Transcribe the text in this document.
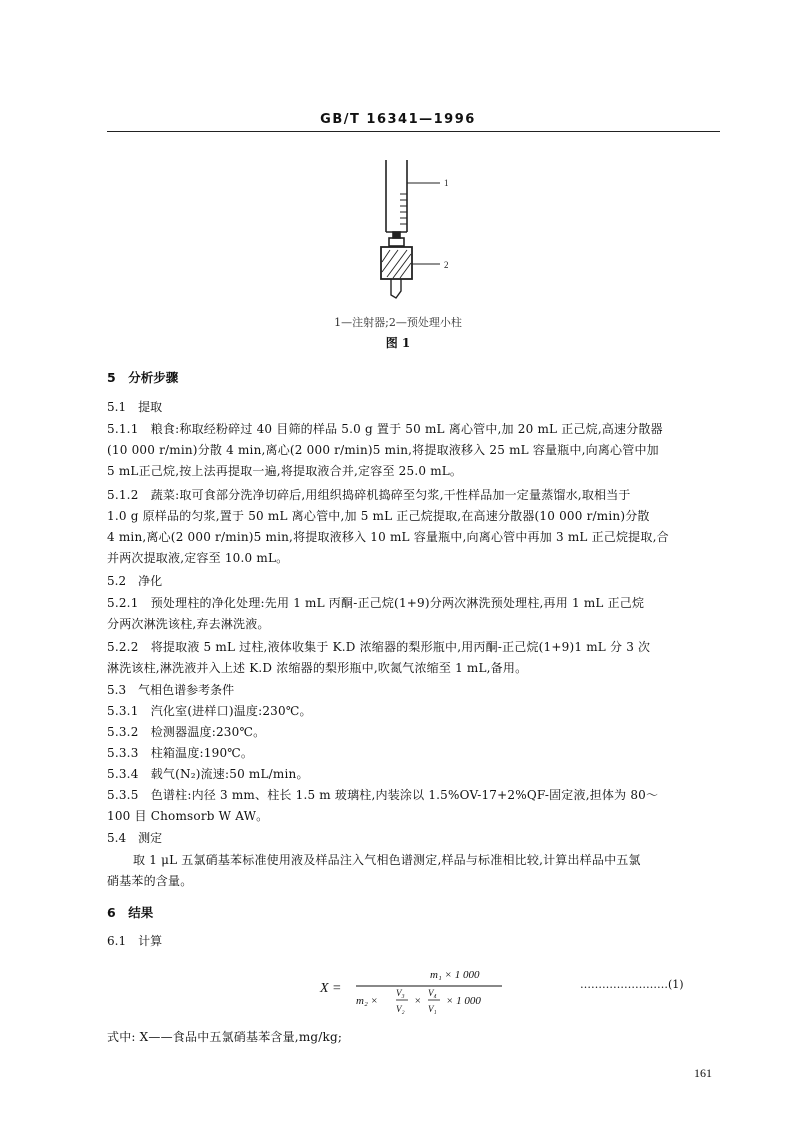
GB/T 16341—1996
1
2
1—注射器;2—预处理小柱
图 1
5　分析步骤
5.1　提取
5.1.1　粮食:称取经粉碎过 40 目筛的样品 5.0 g 置于 50 mL 离心管中,加 20 mL 正己烷,高速分散器
(10 000 r/min)分散 4 min,离心(2 000 r/min)5 min,将提取液移入 25 mL 容量瓶中,向离心管中加
5 mL正己烷,按上法再提取一遍,将提取液合并,定容至 25.0 mL。
5.1.2　蔬菜:取可食部分洗净切碎后,用组织捣碎机捣碎至匀浆,干性样品加一定量蒸馏水,取相当于
1.0 g 原样品的匀浆,置于 50 mL 离心管中,加 5 mL 正己烷提取,在高速分散器(10 000 r/min)分散
4 min,离心(2 000 r/min)5 min,将提取液移入 10 mL 容量瓶中,向离心管中再加 3 mL 正己烷提取,合
并两次提取液,定容至 10.0 mL。
5.2　净化
5.2.1　预处理柱的净化处理:先用 1 mL 丙酮-正己烷(1+9)分两次淋洗预处理柱,再用 1 mL 正己烷
分两次淋洗该柱,弃去淋洗液。
5.2.2　将提取液 5 mL 过柱,液体收集于 K.D 浓缩器的梨形瓶中,用丙酮-正己烷(1+9)1 mL 分 3 次
淋洗该柱,淋洗液并入上述 K.D 浓缩器的梨形瓶中,吹氮气浓缩至 1 mL,备用。
5.3　气相色谱参考条件
5.3.1　汽化室(进样口)温度:230℃。
5.3.2　检测器温度:230℃。
5.3.3　柱箱温度:190℃。
5.3.4　载气(N₂)流速:50 mL/min。
5.3.5　色谱柱:内径 3 mm、柱长 1.5 m 玻璃柱,内装涂以 1.5%OV-17+2%QF-固定液,担体为 80～
100 目 Chomsorb W AW。
5.4　测定
取 1 μL 五氯硝基苯标准使用液及样品注入气相色谱测定,样品与标准相比较,计算出样品中五氯
硝基苯的含量。
6　结果
6.1　计算
X =
m₁ × 1 000
m₂ ×
V₃
V₂
×
V₄
V₁
× 1 000
……………………(1)
式中: X——食品中五氯硝基苯含量,mg/kg;
161
